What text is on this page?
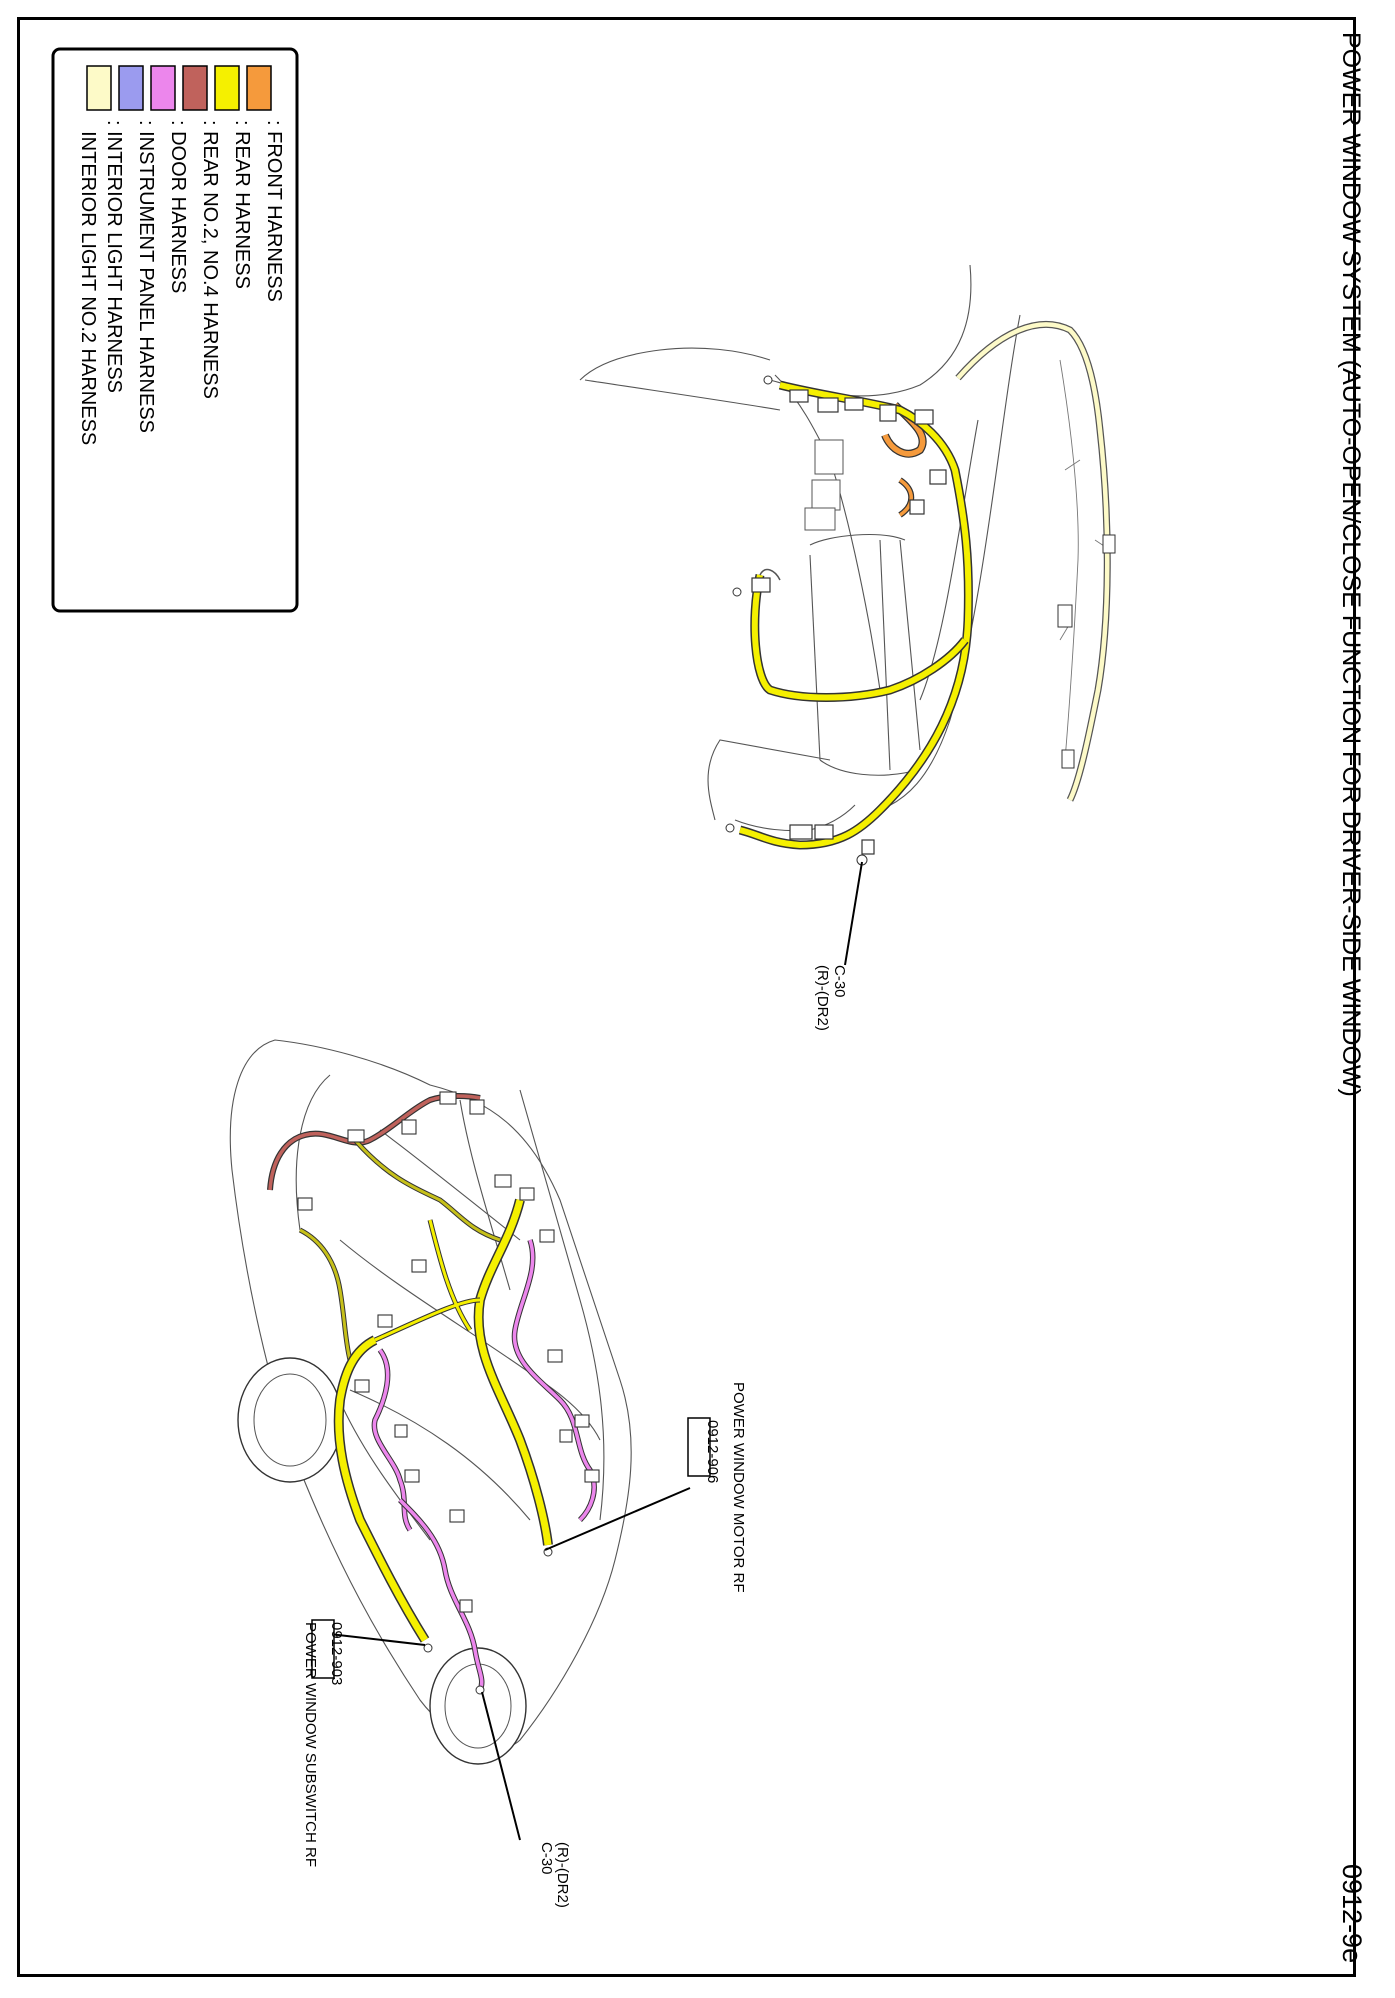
POWER WINDOW SYSTEM (AUTO-OPEN/CLOSE FUNCTION FOR DRIVER-SIDE WINDOW)
0912-9e
: FRONT HARNESS
: REAR HARNESS
: REAR NO.2, NO.4 HARNESS
: DOOR HARNESS
: INSTRUMENT PANEL HARNESS
: INTERIOR LIGHT HARNESS
INTERIOR LIGHT NO.2 HARNESS
C-30
(R)-(DR2)
POWER WINDOW MOTOR RF
0912-906
0912-903
POWER WINDOW SUBSWITCH RF
(R)-(DR2)
C-30
